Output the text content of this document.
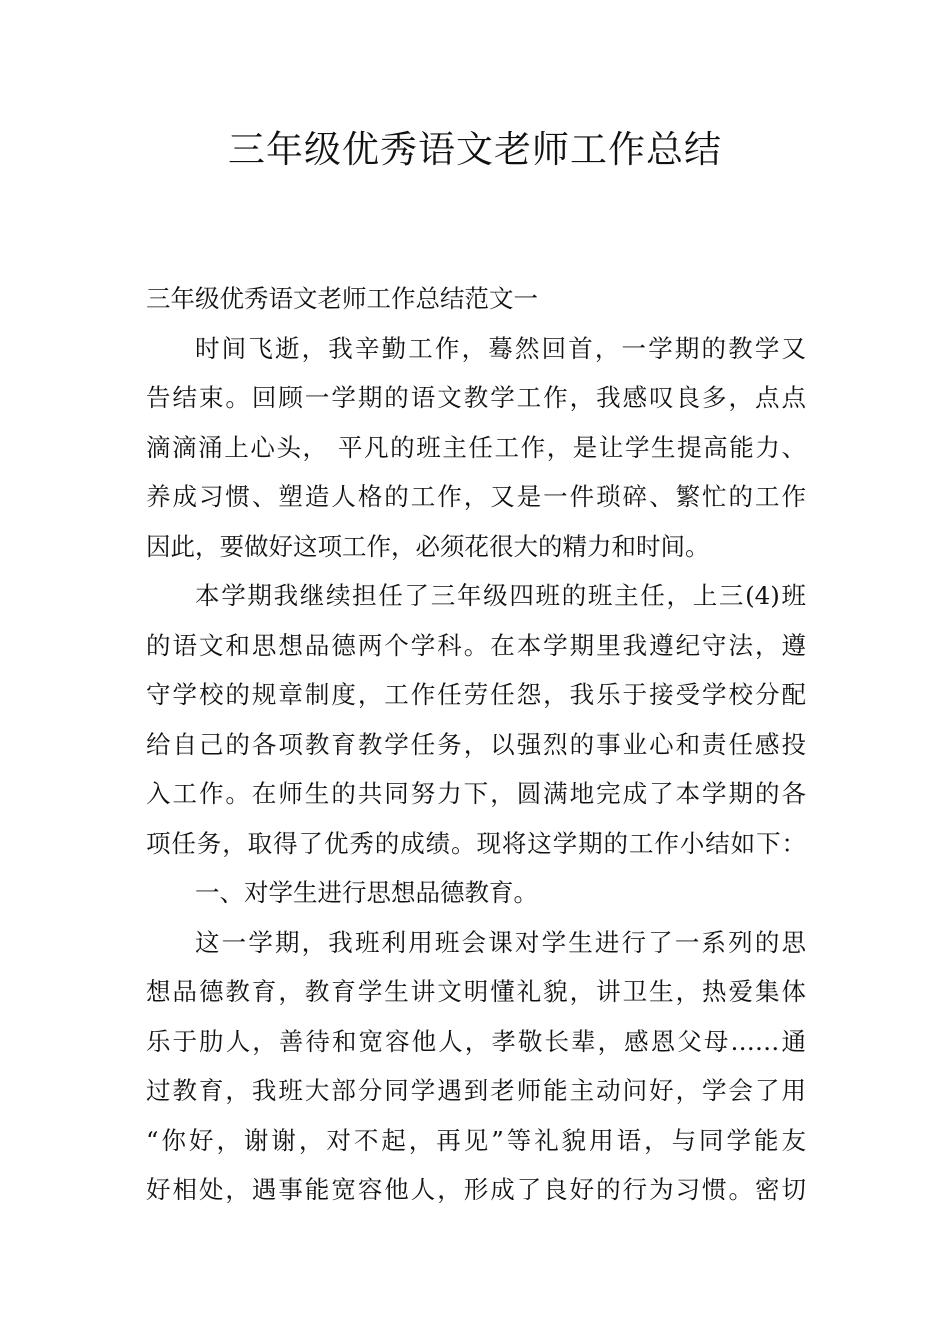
三年级优秀语文老师工作总结
三年级优秀语文老师工作总结范文一
时间飞逝，我辛勤工作，蓦然回首，一学期的教学又
告结束。回顾一学期的语文教学工作，我感叹良多，点点
滴滴涌上心头， 平凡的班主任工作，是让学生提高能力、
养成习惯、塑造人格的工作，又是一件琐碎、繁忙的工作
因此，要做好这项工作，必须花很大的精力和时间。
本学期我继续担任了三年级四班的班主任，上三(4)班
的语文和思想品德两个学科。在本学期里我遵纪守法，遵
守学校的规章制度，工作任劳任怨，我乐于接受学校分配
给自己的各项教育教学任务，以强烈的事业心和责任感投
入工作。在师生的共同努力下，圆满地完成了本学期的各
项任务，取得了优秀的成绩。现将这学期的工作小结如下：
一、对学生进行思想品德教育。
这一学期，我班利用班会课对学生进行了一系列的思
想品德教育，教育学生讲文明懂礼貌，讲卫生，热爱集体
乐于肋人，善待和宽容他人，孝敬长辈，感恩父母……通
过教育，我班大部分同学遇到老师能主动问好，学会了用
“你好，谢谢，对不起，再见”等礼貌用语，与同学能友
好相处，遇事能宽容他人，形成了良好的行为习惯。密切
